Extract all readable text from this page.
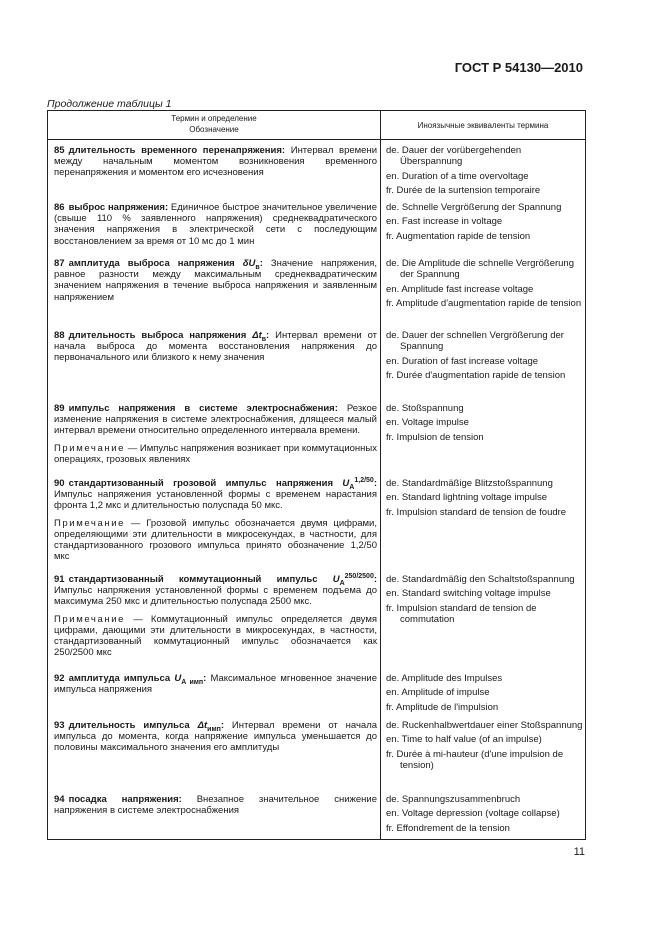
ГОСТ Р 54130—2010
Продолжение таблицы 1
Термин и определение
Обозначение	Иноязычные эквиваленты термина

85 длительность временного перенапряжения: Интервал времени между начальным моментом возникновения временного перенапряжения и моментом его исчезновения

de. Dauer der vorübergehenden Überspannung
en. Duration of a time overvoltage
fr. Durée de la surtension temporaire

86 выброс напряжения: Единичное быстрое значительное увеличение (свыше 110 % заявленного напряжения) среднеквадратического значения напряжения в электрической сети с последующим восстановлением за время от 10 мс до 1 мин

de. Schnelle Vergrößerung der Spannung
en. Fast increase in voltage
fr. Augmentation rapide de tension

87 амплитуда выброса напряжения $\delta U_в$: Значение напряжения, равное разности между максимальным среднеквадратическим значением напряжения в течение выброса напряжения и заявленным напряжением

de. Die Amplitude die schnelle Vergrößerung der Spannung
en. Amplitude fast increase voltage
fr. Amplitude d'augmentation rapide de tension

88 длительность выброса напряжения $\Delta t_в$: Интервал времени от начала выброса до момента восстановления напряжения до первоначального или близкого к нему значения

de. Dauer der schnellen Vergrößerung der Spannung
en. Duration of fast increase voltage
fr. Durée d'augmentation rapide de tension

89 импульс напряжения в системе электроснабжения: Резкое изменение напряжения в системе электроснабжения, длящееся малый интервал времени относительно определенного интервала времени.

Примечание — Импульс напряжения возникает при коммутационных операциях, грозовых явлениях

de. Stoßspannung
en. Voltage impulse
fr. Impulsion de tension

90 стандартизованный грозовой импульс напряжения $U_A^{1,2/50}$: Импульс напряжения установленной формы с временем нарастания фронта 1,2 мкс и длительностью полуспада 50 мкс.

Примечание — Грозовой импульс обозначается двумя цифрами, определяющими эти длительности в микросекундах, в частности, для стандартизованного грозового импульса принято обозначение 1,2/50 мкс

de. Standardmäßige Blitzstoßspannung
en. Standard lightning voltage impulse
fr. Impulsion standard de tension de foudre

91 стандартизованный коммутационный импульс $U_A^{250/2500}$: Импульс напряжения установленной формы с временем подъема до максимума 250 мкс и длительностью полуспада 2500 мкс.

Примечание — Коммутационный импульс определяется двумя цифрами, дающими эти длительности в микросекундах, в частности, стандартизованный коммутационный импульс обозначается как 250/2500 мкс

de. Standardmäßig den Schaltstoßspannung
en. Standard switching voltage impulse
fr. Impulsion standard de tension de commutation

92 амплитуда импульса $U_{A имп}$: Максимальное мгновенное значение импульса напряжения

de. Amplitude des Impulses
en. Amplitude of impulse
fr. Amplitude de l'impulsion

93 длительность импульса $\Delta t_{имп}$: Интервал времени от начала импульса до момента, когда напряжение импульса уменьшается до половины максимального значения его амплитуды

de. Ruckenhalbwertdauer einer Stoßspannung
en. Time to half value (of an impulse)
fr. Durée à mi-hauteur (d'une impulsion de tension)

94 посадка напряжения: Внезапное значительное снижение напряжения в системе электроснабжения

de. Spannungszusammenbruch
en. Voltage depression (voltage collapse)
fr. Effondrement de la tension
11
